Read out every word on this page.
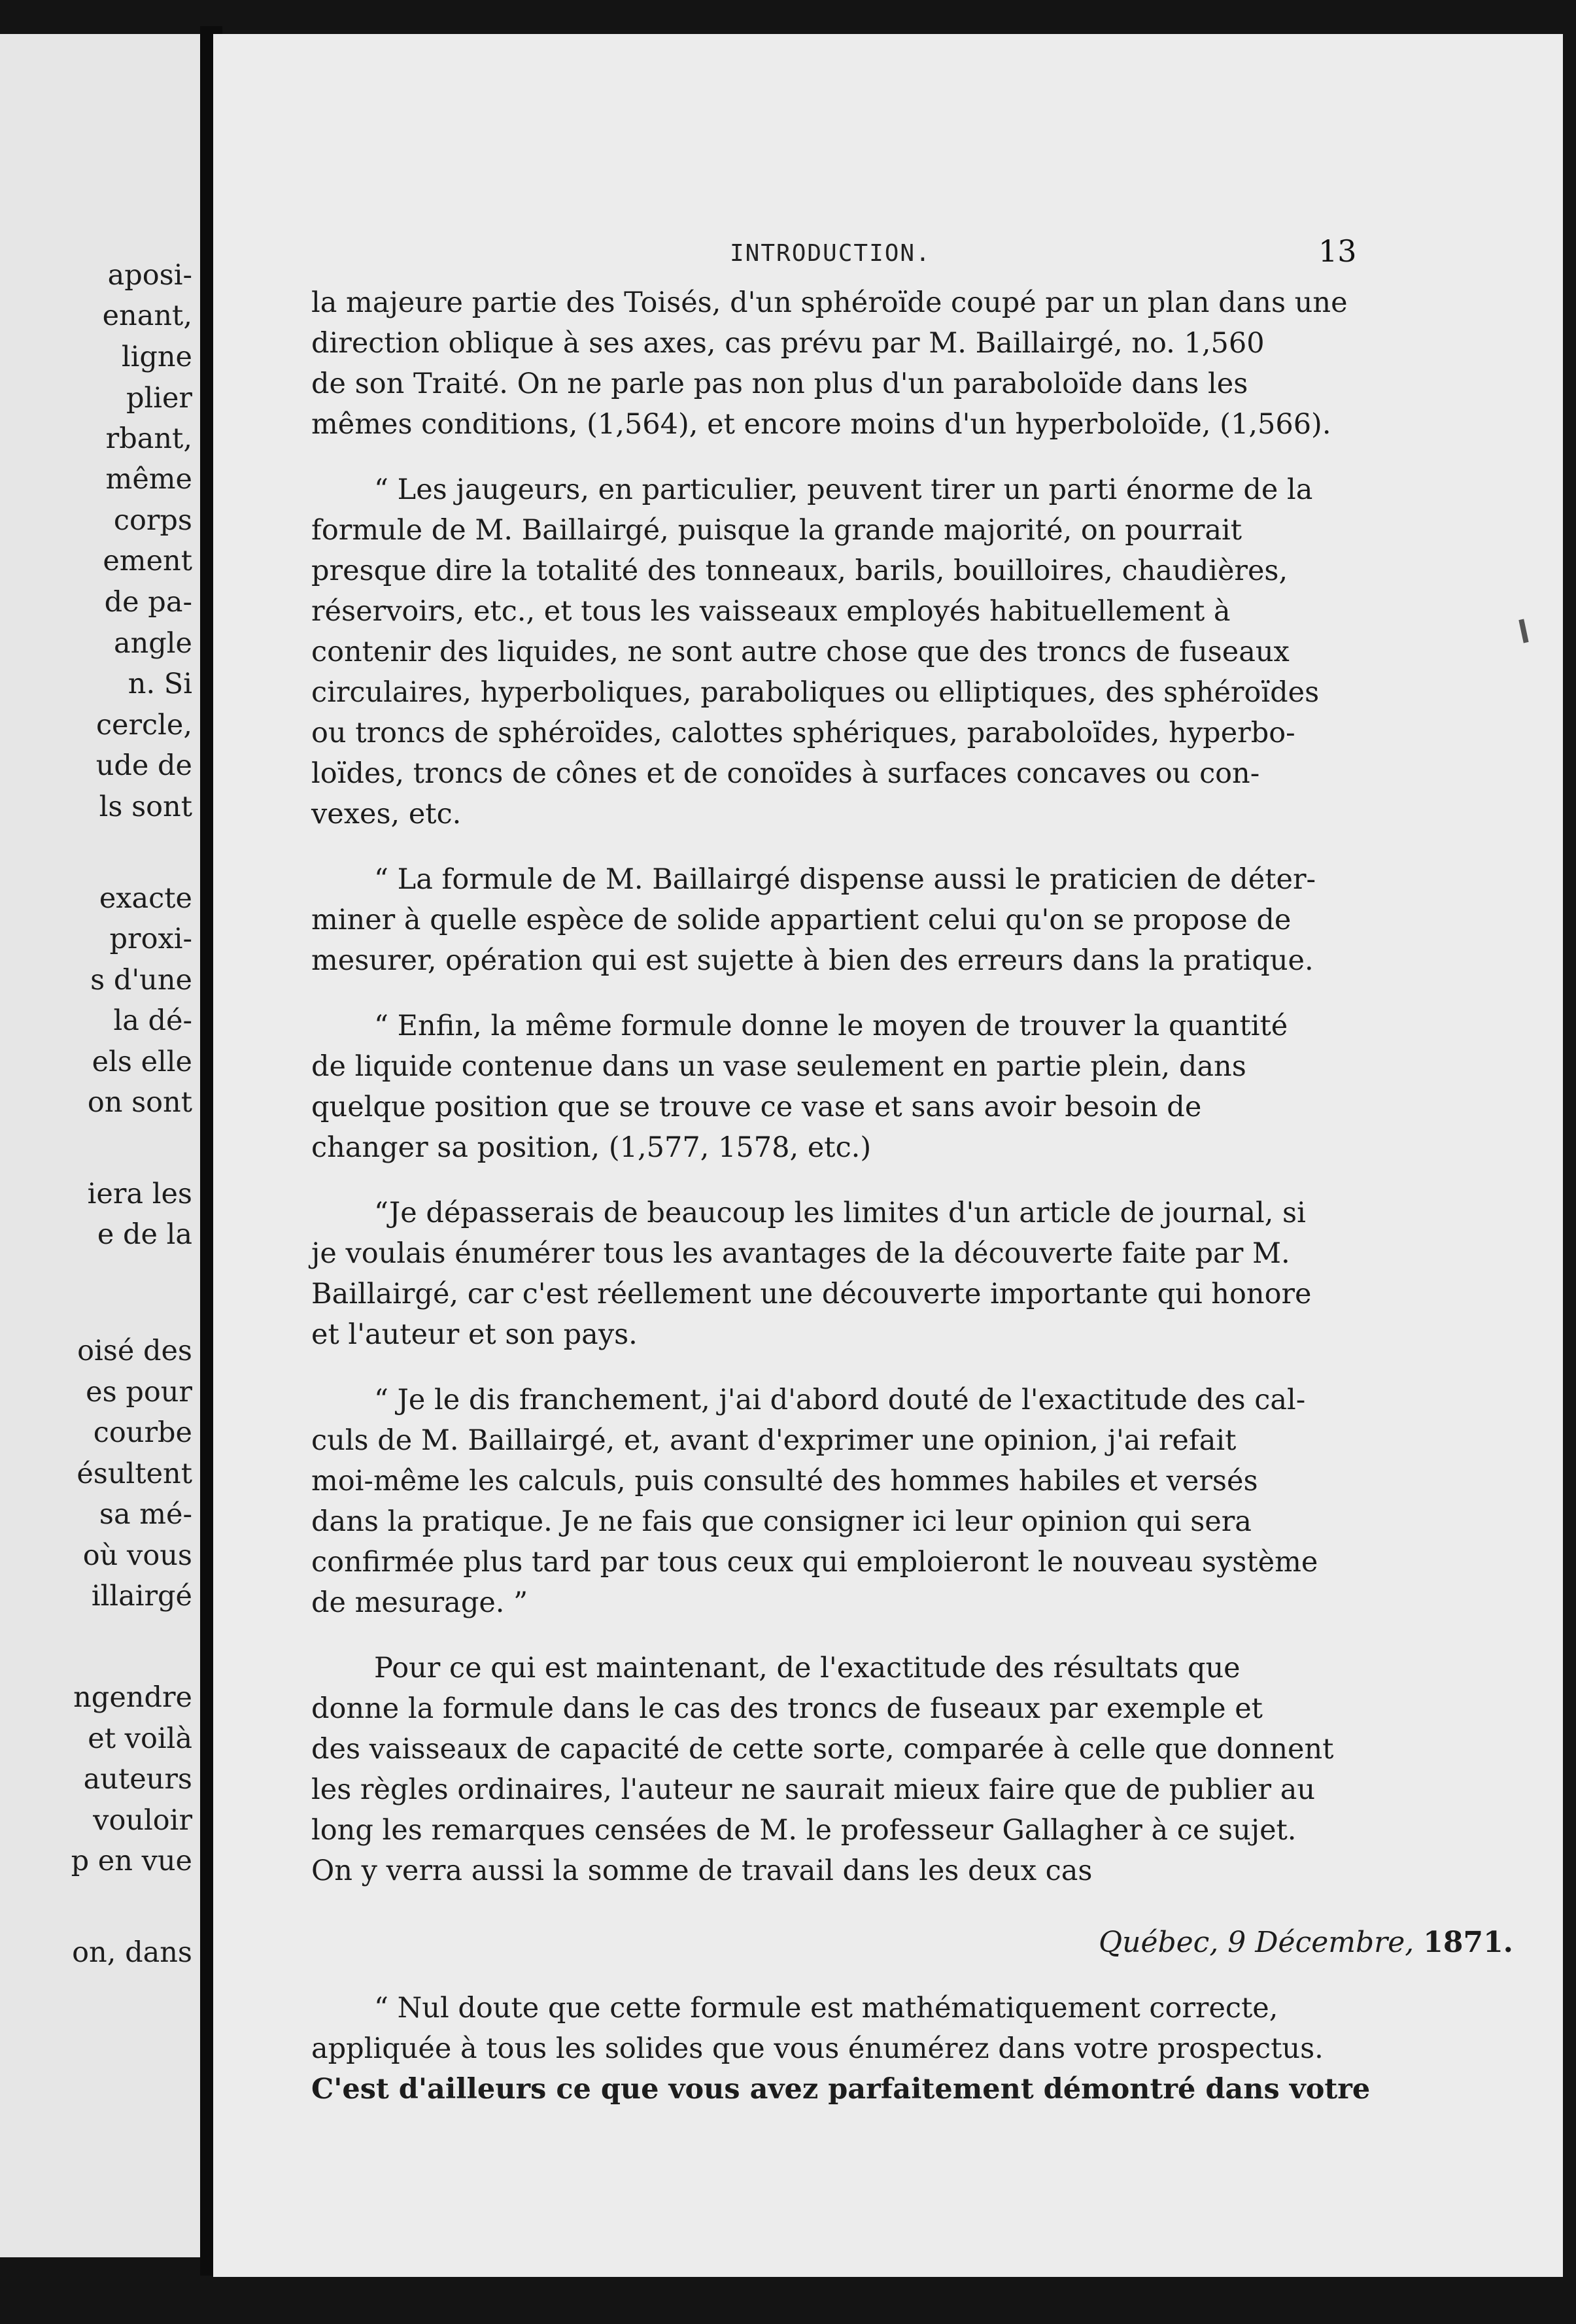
aposi-
enant,
ligne
plier
rbant,
même
corps
ement
de pa-
angle
n. Si
cercle,
ude de
ls sont
exacte
proxi-
s d'une
la dé-
els elle
on sont
iera les
e de la
oisé des
es pour
courbe
ésultent
sa mé-
où vous
illairgé
ngendre
et voilà
auteurs
vouloir
p en vue
on, dans
INTRODUCTION.	13
la majeure partie des Toisés, d'un sphéroïde coupé par un plan dans une
direction oblique à ses axes, cas prévu par M. Baillairgé, no. 1,560
de son Traité. On ne parle pas non plus d'un paraboloïde dans les
mêmes conditions, (1,564), et encore moins d'un hyperboloïde, (1,566).
“ Les jaugeurs, en particulier, peuvent tirer un parti énorme de la
formule de M. Baillairgé, puisque la grande majorité, on pourrait
presque dire la totalité des tonneaux, barils, bouilloires, chaudières,
réservoirs, etc., et tous les vaisseaux employés habituellement à
contenir des liquides, ne sont autre chose que des troncs de fuseaux
circulaires, hyperboliques, paraboliques ou elliptiques, des sphéroïdes
ou troncs de sphéroïdes, calottes sphériques, paraboloïdes, hyperbo-
loïdes, troncs de cônes et de conoïdes à surfaces concaves ou con-
vexes, etc.
“ La formule de M. Baillairgé dispense aussi le praticien de déter-
miner à quelle espèce de solide appartient celui qu'on se propose de
mesurer, opération qui est sujette à bien des erreurs dans la pratique.
“ Enfin, la même formule donne le moyen de trouver la quantité
de liquide contenue dans un vase seulement en partie plein, dans
quelque position que se trouve ce vase et sans avoir besoin de
changer sa position, (1,577, 1578, etc.)
“Je dépasserais de beaucoup les limites d'un article de journal, si
je voulais énumérer tous les avantages de la découverte faite par M.
Baillairgé, car c'est réellement une découverte importante qui honore
et l'auteur et son pays.
“ Je le dis franchement, j'ai d'abord douté de l'exactitude des cal-
culs de M. Baillairgé, et, avant d'exprimer une opinion, j'ai refait
moi-même les calculs, puis consulté des hommes habiles et versés
dans la pratique. Je ne fais que consigner ici leur opinion qui sera
confirmée plus tard par tous ceux qui emploieront le nouveau système
de mesurage. ”
Pour ce qui est maintenant, de l'exactitude des résultats que
donne la formule dans le cas des troncs de fuseaux par exemple et
des vaisseaux de capacité de cette sorte, comparée à celle que donnent
les règles ordinaires, l'auteur ne saurait mieux faire que de publier au
long les remarques censées de M. le professeur Gallagher à ce sujet.
On y verra aussi la somme de travail dans les deux cas
Québec, 9 Décembre, 1871.
“ Nul doute que cette formule est mathématiquement correcte,
appliquée à tous les solides que vous énumérez dans votre prospectus.
C'est d'ailleurs ce que vous avez parfaitement démontré dans votre
